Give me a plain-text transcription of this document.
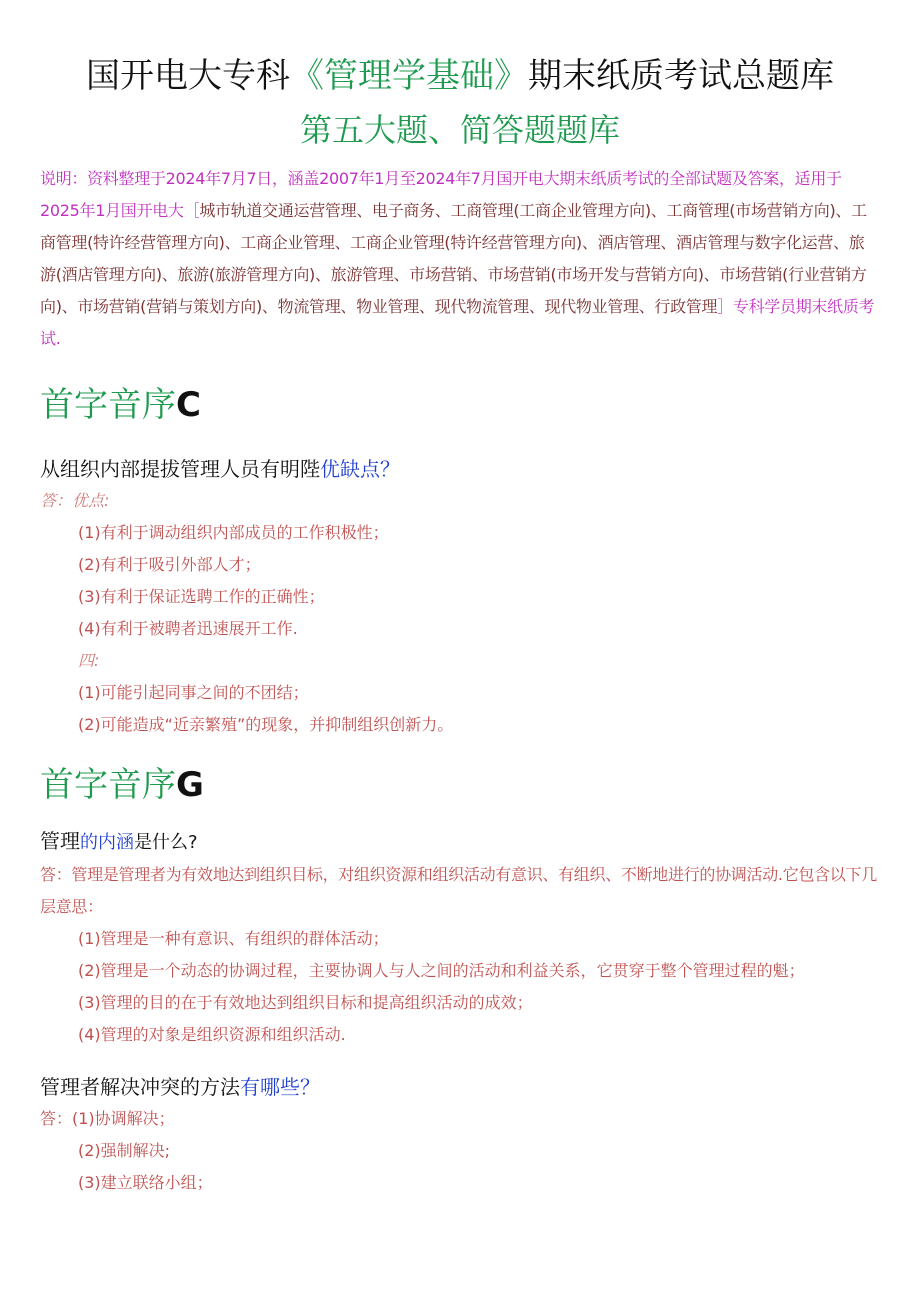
国开电大专科《管理学基础》期末纸质考试总题库
第五大题、简答题题库

说明：资料整理于2024年7月7日，涵盖2007年1月至2024年7月国开电大期末纸质考试的全部试题及答案，适用于2025年1月国开电大［城市轨道交通运营管理、电子商务、工商管理(工商企业管理方向)、工商管理(市场营销方向)、工商管理(特许经营管理方向)、工商企业管理、工商企业管理(特许经营管理方向)、酒店管理、酒店管理与数字化运营、旅游(酒店管理方向)、旅游(旅游管理方向)、旅游管理、市场营销、市场营销(市场开发与营销方向)、市场营销(行业营销方向)、市场营销(营销与策划方向)、物流管理、物业管理、现代物流管理、现代物业管理、行政管理］专科学员期末纸质考试.

首字音序C
从组织内部提拔管理人员有明陛优缺点？

答：优点:

(1)有利于调动组织内部成员的工作积极性；

(2)有利于吸引外部人才；

(3)有利于保证选聘工作的正确性；

(4)有利于被聘者迅速展开工作.

四:

(1)可能引起同事之间的不团结；

(2)可能造成“近亲繁殖”的现象，并抑制组织创新力。

首字音序G
管理的内涵是什么?

答：管理是管理者为有效地达到组织目标，对组织资源和组织活动有意识、有组织、不断地进行的协调活动.它包含以下几层意思：

(1)管理是一种有意识、有组织的群体活动；

(2)管理是一个动态的协调过程，主要协调人与人之间的活动和利益关系，它贯穿于整个管理过程的魁；

(3)管理的目的在于有效地达到组织目标和提高组织活动的成效；

(4)管理的对象是组织资源和组织活动.

管理者解决冲突的方法有哪些？

答：(1)协调解决；

(2)强制解决;

(3)建立联络小组；
